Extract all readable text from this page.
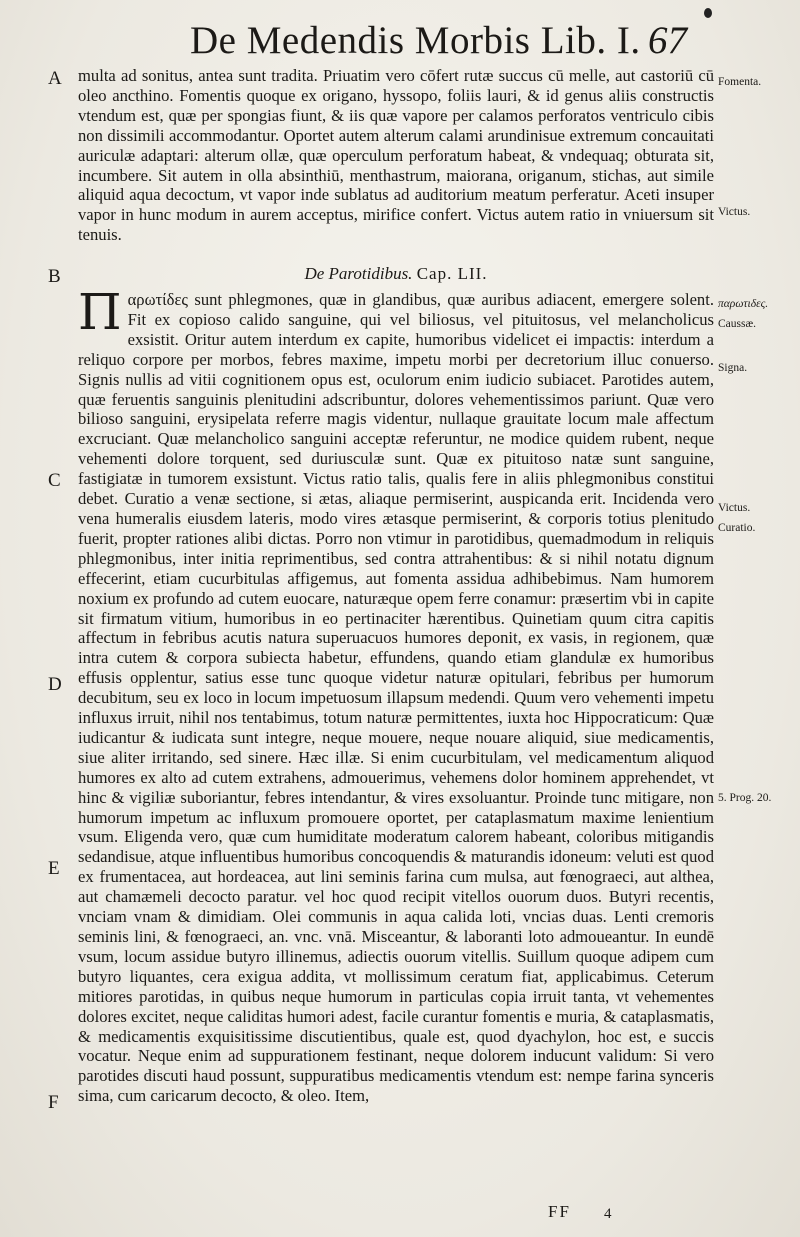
De Medendis Morbis Lib. I. 67
A
B
C
D
E
F
Fomenta.
Victus.
παρωτιδες.
Caussæ.
Signa.
Victus.
Curatio.
5. Prog. 20.

multa ad sonitus, antea sunt tradita. Priuatim vero cōfert rutæ succus cū melle, aut castoriū cū oleo ancthino. Fomentis quoque ex origano, hyssopo, foliis lauri, & id genus aliis constructis vtendum est, quæ per spongias fiunt, & iis quæ vapore per calamos perforatos ventriculo cibis non dissimili accommodantur. Oportet autem alterum calami arundinisue extremum concauitati auriculæ adaptari: alterum ollæ, quæ operculum perforatum habeat, & vndequaq; obturata sit, incumbere. Sit autem in olla absinthiū, menthastrum, maiorana, origanum, stichas, aut simile aliquid aqua decoctum, vt vapor inde sublatus ad auditorium meatum perferatur. Aceti insuper vapor in hunc modum in aurem acceptus, mirifice confert. Victus autem ratio in vniuersum sit tenuis.

De Parotidibus. Cap. LII.
Π αρωτίδες sunt phlegmones, quæ in glandibus, quæ auribus adiacent, emergere solent. Fit ex copioso calido sanguine, qui vel biliosus, vel pituitosus, vel melancholicus exsistit. Oritur autem interdum ex capite, humoribus videlicet ei impactis: interdum a reliquo corpore per morbos, febres maxime, impetu morbi per decretorium illuc conuerso. Signis nullis ad vitii cognitionem opus est, oculorum enim iudicio subiacet. Parotides autem, quæ feruentis sanguinis plenitudini adscribuntur, dolores vehementissimos pariunt. Quæ vero bilioso sanguini, erysipelata referre magis videntur, nullaque grauitate locum male affectum excruciant. Quæ melancholico sanguini acceptæ referuntur, ne modice quidem rubent, neque vehementi dolore torquent, sed duriusculæ sunt. Quæ ex pituitoso natæ sunt sanguine, fastigiatæ in tumorem exsistunt. Victus ratio talis, qualis fere in aliis phlegmonibus constitui debet. Curatio a venæ sectione, si ætas, aliaque permiserint, auspicanda erit. Incidenda vero vena humeralis eiusdem lateris, modo vires ætasque permiserint, & corporis totius plenitudo fuerit, propter rationes alibi dictas. Porro non vtimur in parotidibus, quemadmodum in reliquis phlegmonibus, inter initia reprimentibus, sed contra attrahentibus: & si nihil notatu dignum effecerint, etiam cucurbitulas affigemus, aut fomenta assidua adhibebimus. Nam humorem noxium ex profundo ad cutem euocare, naturæque opem ferre conamur: præsertim vbi in capite sit firmatum vitium, humoribus in eo pertinaciter hærentibus. Quinetiam quum citra capitis affectum in febribus acutis natura superuacuos humores deponit, ex vasis, in regionem, quæ intra cutem & corpora subiecta habetur, effundens, quando etiam glandulæ ex humoribus effusis opplentur, satius esse tunc quoque videtur naturæ opitulari, febribus per humorum decubitum, seu ex loco in locum impetuosum illapsum medendi. Quum vero vehementi impetu influxus irruit, nihil nos tentabimus, totum naturæ permittentes, iuxta hoc Hippocraticum: Quæ iudicantur & iudicata sunt integre, neque mouere, neque nouare aliquid, siue medicamentis, siue aliter irritando, sed sinere. Hæc illæ. Si enim cucurbitulam, vel medicamentum aliquod humores ex alto ad cutem extrahens, admouerimus, vehemens dolor hominem apprehendet, vt hinc & vigiliæ suboriantur, febres intendantur, & vires exsoluantur. Proinde tunc mitigare, non humorum impetum ac influxum promouere oportet, per cataplasmatum maxime lenientium vsum. Eligenda vero, quæ cum humiditate moderatum calorem habeant, coloribus mitigandis sedandisue, atque influentibus humoribus concoquendis & maturandis idoneum: veluti est quod ex frumentacea, aut hordeacea, aut lini seminis farina cum mulsa, aut fœnograeci, aut althea, aut chamæmeli decocto paratur. vel hoc quod recipit vitellos ouorum duos. Butyri recentis, vnciam vnam & dimidiam. Olei communis in aqua calida loti, vncias duas. Lenti cremoris seminis lini, & fœnograeci, an. vnc. vnā. Misceantur, & laboranti loto admoueantur. In eundē vsum, locum assidue butyro illinemus, adiectis ouorum vitellis. Suillum quoque adipem cum butyro liquantes, cera exigua addita, vt mollissimum ceratum fiat, applicabimus. Ceterum mitiores parotidas, in quibus neque humorum in particulas copia irruit tanta, vt vehementes dolores excitet, neque caliditas humori adest, facile curantur fomentis e muria, & cataplasmatis, & medicamentis exquisitissime discutientibus, quale est, quod dyachylon, hoc est, e succis vocatur. Neque enim ad suppurationem festinant, neque dolorem inducunt validum: Si vero parotides discuti haud possunt, suppuratibus medicamentis vtendum est: nempe farina synceris sima, cum caricarum decocto, & oleo. Item,

FF 4
